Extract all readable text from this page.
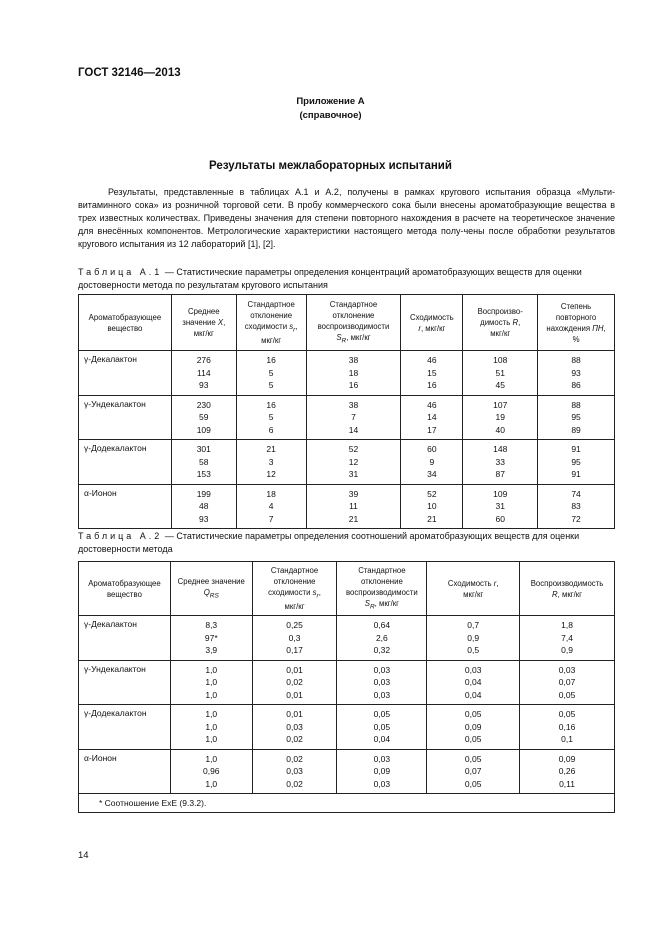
ГОСТ 32146—2013
Приложение А
(справочное)
Результаты межлабораторных испытаний

Результаты, представленные в таблицах А.1 и А.2, получены в рамках кругового испытания образца «Мульти-витаминного сока» из розничной торговой сети. В пробу коммерческого сока были внесены ароматобразующие вещества в трех известных количествах. Приведены значения для степени повторного нахождения в расчете на теоретическое значение для внесённых компонентов. Метрологические характеристики настоящего метода полу-чены после обработки результатов кругового испытания из 12 лабораторий [1], [2].

Таблица А.1 — Статистические параметры определения концентраций ароматобразующих веществ для оценки достоверности метода по результатам кругового испытания
Ароматобразующее
вещество	Среднее
значение X,
мкг/кг	Стандартное
отклонение
сходимости $s_r$,
мкг/кг	Стандартное
отклонение
воспроизводимости
$S_R$, мкг/кг	Сходимость
r, мкг/кг	Воспроизво-
димость R,
мкг/кг	Степень
повторного
нахождения ПН,
%
γ-Декалактон	276
114
93	16
5
5	38
18
16	46
15
16	108
51
45	88
93
86

γ-Ундекалактон	230
59
109	16
5
6	38
7
14	46
14
17	107
19
40	88
95
89

γ-Додекалактон	301
58
153	21
3
12	52
12
31	60
9
34	148
33
87	91
95
91

α-Ионон	199
48
93	18
4
7	39
11
21	52
10
21	109
31
60	74
83
72
Таблица А.2 — Статистические параметры определения соотношений ароматобразующих веществ для оценки достоверности метода
Ароматобразующее
вещество	Среднее значение
$Q_{RS}$	Стандартное
отклонение
сходимости $s_r$,
мкг/кг	Стандартное
отклонение
воспроизводимости
$S_R$, мкг/кг	Сходимость r,
мкг/кг	Воспроизводимость
R, мкг/кг
γ-Декалактон	8,3
97*
3,9	0,25
0,3
0,17	0,64
2,6
0,32	0,7
0,9
0,5	1,8
7,4
0,9

γ-Ундекалактон	1,0
1,0
1,0	0,01
0,02
0,01	0,03
0,03
0,03	0,03
0,04
0,04	0,03
0,07
0,05

γ-Додекалактон	1,0
1,0
1,0	0,01
0,03
0,02	0,05
0,05
0,04	0,05
0,09
0,05	0,05
0,16
0,1

α-Ионон	1,0
0,96
1,0	0,02
0,03
0,02	0,03
0,09
0,03	0,05
0,07
0,05	0,09
0,26
0,11

* Соотношение ExE (9.3.2).					
14
